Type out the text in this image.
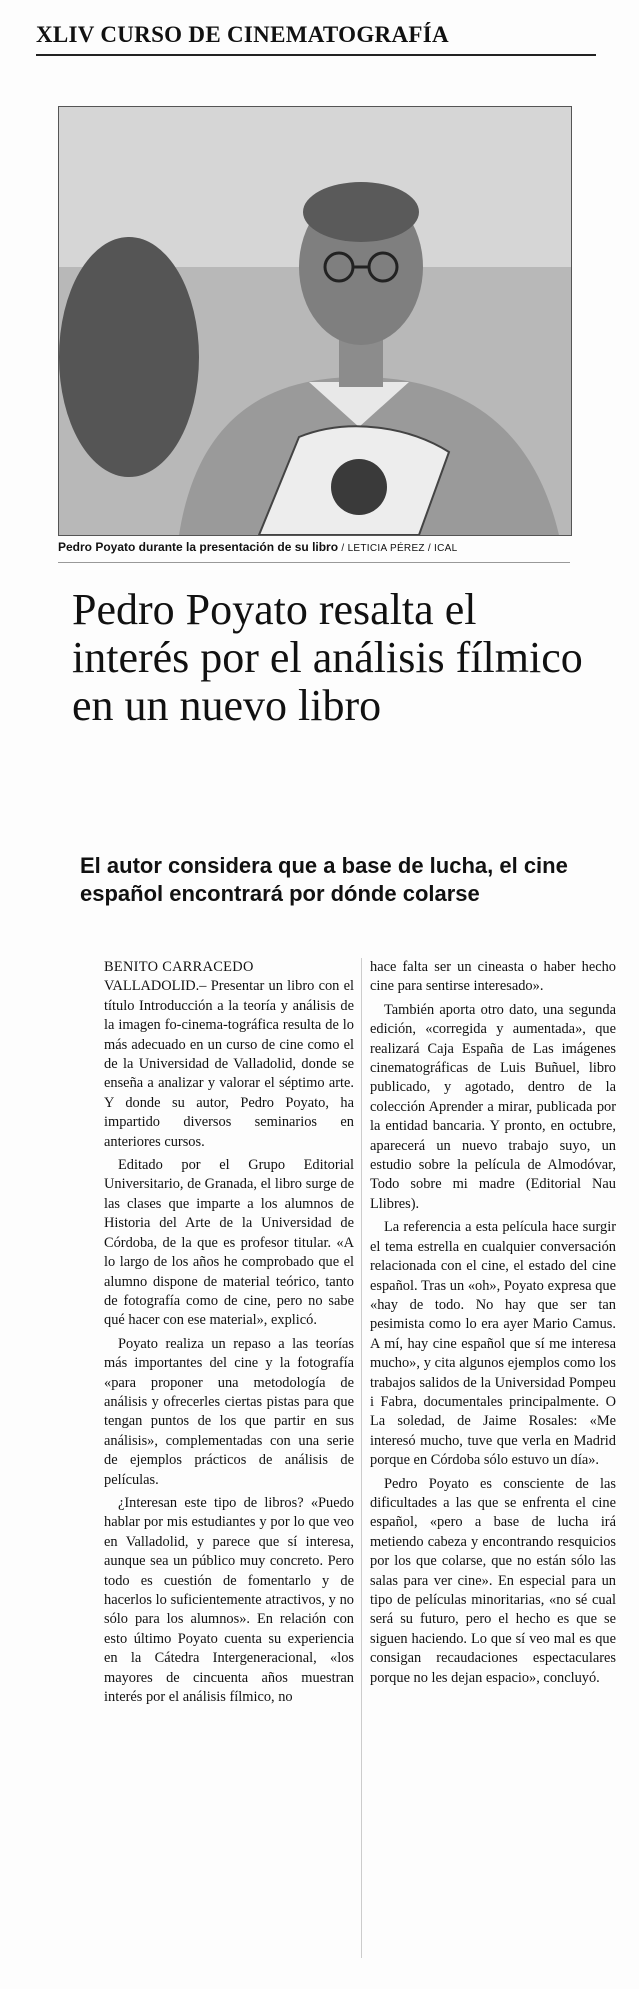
XLIV CURSO DE CINEMATOGRAFÍA
Pedro Poyato durante la presentación de su libro / LETICIA PÉREZ / ICAL
Pedro Poyato resalta el interés por el análisis fílmico en un nuevo libro
El autor considera que a base de lucha, el cine español encontrará por dónde colarse
BENITO CARRACEDO

VALLADOLID.– Presentar un libro con el título Introducción a la teoría y análisis de la imagen fo-cinema-tográfica resulta de lo más adecuado en un curso de cine como el de la Universidad de Valladolid, donde se enseña a analizar y valorar el séptimo arte. Y donde su autor, Pedro Poyato, ha impartido diversos seminarios en anteriores cursos.

Editado por el Grupo Editorial Universitario, de Granada, el libro surge de las clases que imparte a los alumnos de Historia del Arte de la Universidad de Córdoba, de la que es profesor titular. «A lo largo de los años he comprobado que el alumno dispone de material teórico, tanto de fotografía como de cine, pero no sabe qué hacer con ese material», explicó.

Poyato realiza un repaso a las teorías más importantes del cine y la fotografía «para proponer una metodología de análisis y ofrecerles ciertas pistas para que tengan puntos de los que partir en sus análisis», complementadas con una serie de ejemplos prácticos de análisis de películas.

¿Interesan este tipo de libros? «Puedo hablar por mis estudiantes y por lo que veo en Valladolid, y parece que sí interesa, aunque sea un público muy concreto. Pero todo es cuestión de fomentarlo y de hacerlos lo suficientemente atractivos, y no sólo para los alumnos». En relación con esto último Poyato cuenta su experiencia en la Cátedra Intergeneracional, «los mayores de cincuenta años muestran interés por el análisis fílmico, no

hace falta ser un cineasta o haber hecho cine para sentirse interesado».

También aporta otro dato, una segunda edición, «corregida y aumentada», que realizará Caja España de Las imágenes cinematográficas de Luis Buñuel, libro publicado, y agotado, dentro de la colección Aprender a mirar, publicada por la entidad bancaria. Y pronto, en octubre, aparecerá un nuevo trabajo suyo, un estudio sobre la película de Almodóvar, Todo sobre mi madre (Editorial Nau Llibres).

La referencia a esta película hace surgir el tema estrella en cualquier conversación relacionada con el cine, el estado del cine español. Tras un «oh», Poyato expresa que «hay de todo. No hay que ser tan pesimista como lo era ayer Mario Camus. A mí, hay cine español que sí me interesa mucho», y cita algunos ejemplos como los trabajos salidos de la Universidad Pompeu i Fabra, documentales principalmente. O La soledad, de Jaime Rosales: «Me interesó mucho, tuve que verla en Madrid porque en Córdoba sólo estuvo un día».

Pedro Poyato es consciente de las dificultades a las que se enfrenta el cine español, «pero a base de lucha irá metiendo cabeza y encontrando resquicios por los que colarse, que no están sólo las salas para ver cine». En especial para un tipo de películas minoritarias, «no sé cual será su futuro, pero el hecho es que se siguen haciendo. Lo que sí veo mal es que consigan recaudaciones espectaculares porque no les dejan espacio», concluyó.
